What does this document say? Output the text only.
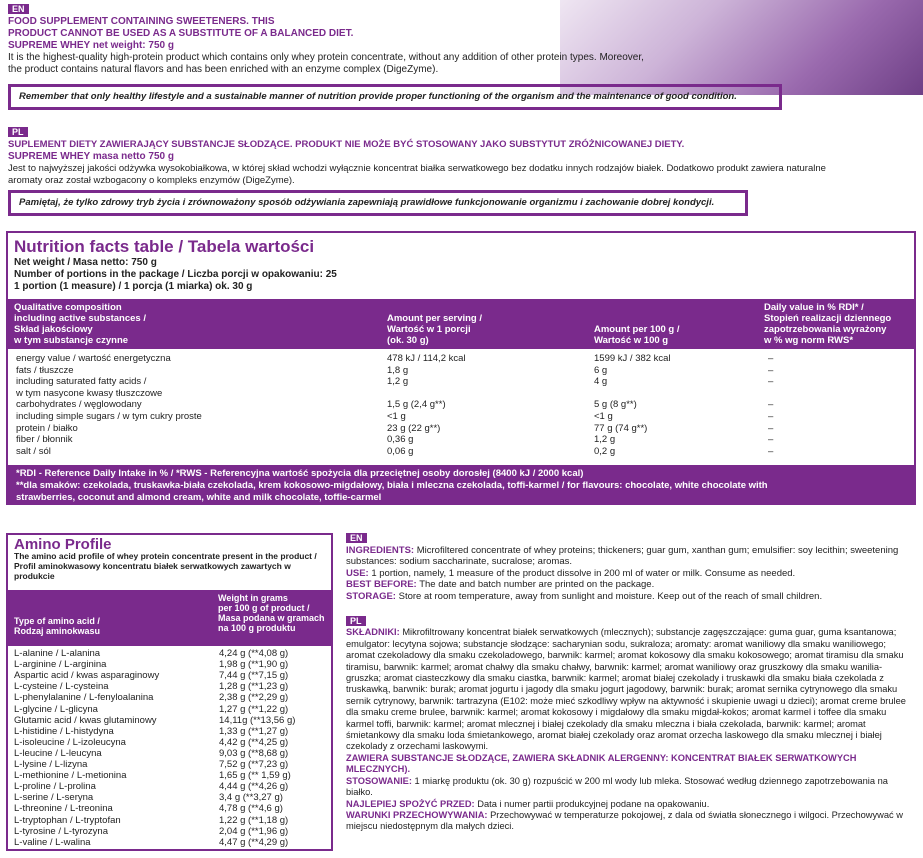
EN
FOOD SUPPLEMENT CONTAINING SWEETENERS. THIS
PRODUCT CANNOT BE USED AS A SUBSTITUTE OF A BALANCED DIET.
SUPREME WHEY net weight: 750 g
It is the highest-quality high-protein product which contains only whey protein concentrate, without any addition of other protein types. Moreover,
the product contains natural flavors and has been enriched with an enzyme complex (DigeZyme).
Remember that only healthy lifestyle and a sustainable manner of nutrition provide proper functioning of the organism and the maintenance of good condition.
PL
SUPLEMENT DIETY ZAWIERAJĄCY SUBSTANCJE SŁODZĄCE. PRODUKT NIE MOŻE BYĆ STOSOWANY JAKO SUBSTYTUT ZRÓŻNICOWANEJ DIETY.
SUPREME WHEY masa netto 750 g
Jest to najwyższej jakości odżywka wysokobiałkowa, w której skład wchodzi wyłącznie koncentrat białka serwatkowego bez dodatku innych rodzajów białek. Dodatkowo produkt zawiera naturalne
aromaty oraz został wzbogacony o kompleks enzymów (DigeZyme).
Pamiętaj, że tylko zdrowy tryb życia i zrównoważony sposób odżywiania zapewniają prawidłowe funkcjonowanie organizmu i zachowanie dobrej kondycji.
Nutrition facts table / Tabela wartości
Net weight / Masa netto: 750 g
Number of portions in the package / Liczba porcji w opakowaniu: 25
1 portion (1 measure) / 1 porcja (1 miarka) ok. 30 g
Qualitative composition
including active substances /
Skład jakościowy
w tym substancje czynne
Amount per serving /
Wartość w 1 porcji
(ok. 30 g)
Amount per 100 g /
Wartość w 100 g
Daily value in % RDI* /
Stopień realizacji dziennego
zapotrzebowania wyrażony
w % wg norm RWS*
energy value / wartość energetyczna	478 kJ / 114,2 kcal	1599 kJ / 382 kcal	–
fats / tłuszcze	1,8 g	6 g	–
including saturated fatty acids /	1,2 g	4 g	–
w tym nasycone kwasy tłuszczowe
carbohydrates / węglowodany	1,5 g (2,4 g**)	5 g (8 g**)	–
including simple sugars / w tym cukry proste	<1 g	<1 g	–
protein / białko	23 g (22 g**)	77 g (74 g**)	–
fiber / błonnik	0,36 g	1,2 g	–
salt / sól	0,06 g	0,2 g	–
*RDI - Reference Daily Intake in % / *RWS - Referencyjna wartość spożycia dla przeciętnej osoby dorosłej (8400 kJ / 2000 kcal)
**dla smaków: czekolada, truskawka-biała czekolada, krem kokosowo-migdałowy, biała i mleczna czekolada, toffi-karmel / for flavours: chocolate, white chocolate with
strawberries, coconut and almond cream, white and milk chocolate, toffie-carmel
Amino Profile
The amino acid profile of whey protein concentrate present in the product /
Profil aminokwasowy koncentratu białek serwatkowych zawartych w produkcie
Type of amino acid /
Rodzaj aminokwasu
Weight in grams
per 100 g of product /
Masa podana w gramach
na 100 g produktu
L-alanine / L-alanina	4,24 g (**4,08 g)
L-arginine / L-arginina	1,98 g (**1,90 g)
Aspartic acid / kwas asparaginowy	7,44 g (**7,15 g)
L-cysteine / L-cysteina	1,28 g (**1,23 g)
L-phenylalanine / L-fenyloalanina	2,38 g (**2,29 g)
L-glycine / L-glicyna	1,27 g (**1,22 g)
Glutamic acid / kwas glutaminowy	14,11g (**13,56 g)
L-histidine / L-histydyna	1,33 g (**1,27 g)
L-isoleucine / L-izoleucyna	4,42 g (**4,25 g)
L-leucine / L-leucyna	9,03 g (**8,68 g)
L-lysine / L-lizyna	7,52 g (**7,23 g)
L-methionine / L-metionina	1,65 g (** 1,59 g)
L-proline / L-prolina	4,44 g (**4,26 g)
L-serine / L-seryna	3,4 g (**3,27 g)
L-threonine / L-treonina	4,78 g (**4,6 g)
L-tryptophan / L-tryptofan	1,22 g (**1,18 g)
L-tyrosine / L-tyrozyna	2,04 g (**1,96 g)
L-valine / L-walina	4,47 g (**4,29 g)
EN
INGREDIENTS: Microfiltered concentrate of whey proteins; thickeners; guar gum, xanthan gum; emulsifier: soy lecithin; sweetening substances: sodium saccharinate, sucralose; aromas.
USE: 1 portion, namely, 1 measure of the product dissolve in 200 ml of water or milk. Consume as needed.
BEST BEFORE: The date and batch number are printed on the package.
STORAGE: Store at room temperature, away from sunlight and moisture. Keep out of the reach of small children.
PL
SKŁADNIKI: Mikrofiltrowany koncentrat białek serwatkowych (mlecznych); substancje zagęszczające: guma guar, guma ksantanowa; emulgator: lecytyna sojowa; substancje słodzące: sacharynian sodu, sukraloza; aromaty: aromat waniliowy dla smaku waniliowego; aromat czekoladowy dla smaku czekoladowego, barwnik: karmel; aromat kokosowy dla smaku kokosowego; aromat tiramisu dla smaku tiramisu, barwnik: karmel; aromat chałwy dla smaku chałwy, barwnik: karmel; aromat waniliowy oraz gruszkowy dla smaku wanilia-gruszka; aromat ciasteczkowy dla smaku ciastka, barwnik: karmel; aromat białej czekolady i truskawki dla smaku biała czekolada z truskawką, barwnik: burak; aromat jogurtu i jagody dla smaku jogurt jagodowy, barwnik: burak; aromat sernika cytrynowego dla smaku sernik cytrynowy, barwnik: tartrazyna (E102: może mieć szkodliwy wpływ na aktywność i skupienie uwagi u dzieci); aromat creme brulee dla smaku creme brulee, barwnik: karmel; aromat kokosowy i migdałowy dla smaku migdał-kokos; aromat karmel i toffee dla smaku karmel toffi, barwnik: karmel; aromat mlecznej i białej czekolady dla smaku mleczna i biała czekolada, barwnik: karmel; aromat śmietankowy dla smaku loda śmietankowego, aromat białej czekolady oraz aromat orzecha laskowego dla smaku mlecznej i białej czekolady z orzechami laskowymi.
ZAWIERA SUBSTANCJE SŁODZĄCE, ZAWIERA SKŁADNIK ALERGENNY: KONCENTRAT BIAŁEK SERWATKOWYCH MLECZNYCH).
STOSOWANIE: 1 miarkę produktu (ok. 30 g) rozpuścić w 200 ml wody lub mleka. Stosować według dziennego zapotrzebowania na białko.
NAJLEPIEJ SPOŻYĆ PRZED: Data i numer partii produkcyjnej podane na opakowaniu.
WARUNKI PRZECHOWYWANIA: Przechowywać w temperaturze pokojowej, z dala od światła słonecznego i wilgoci. Przechowywać w miejscu niedostępnym dla małych dzieci.
